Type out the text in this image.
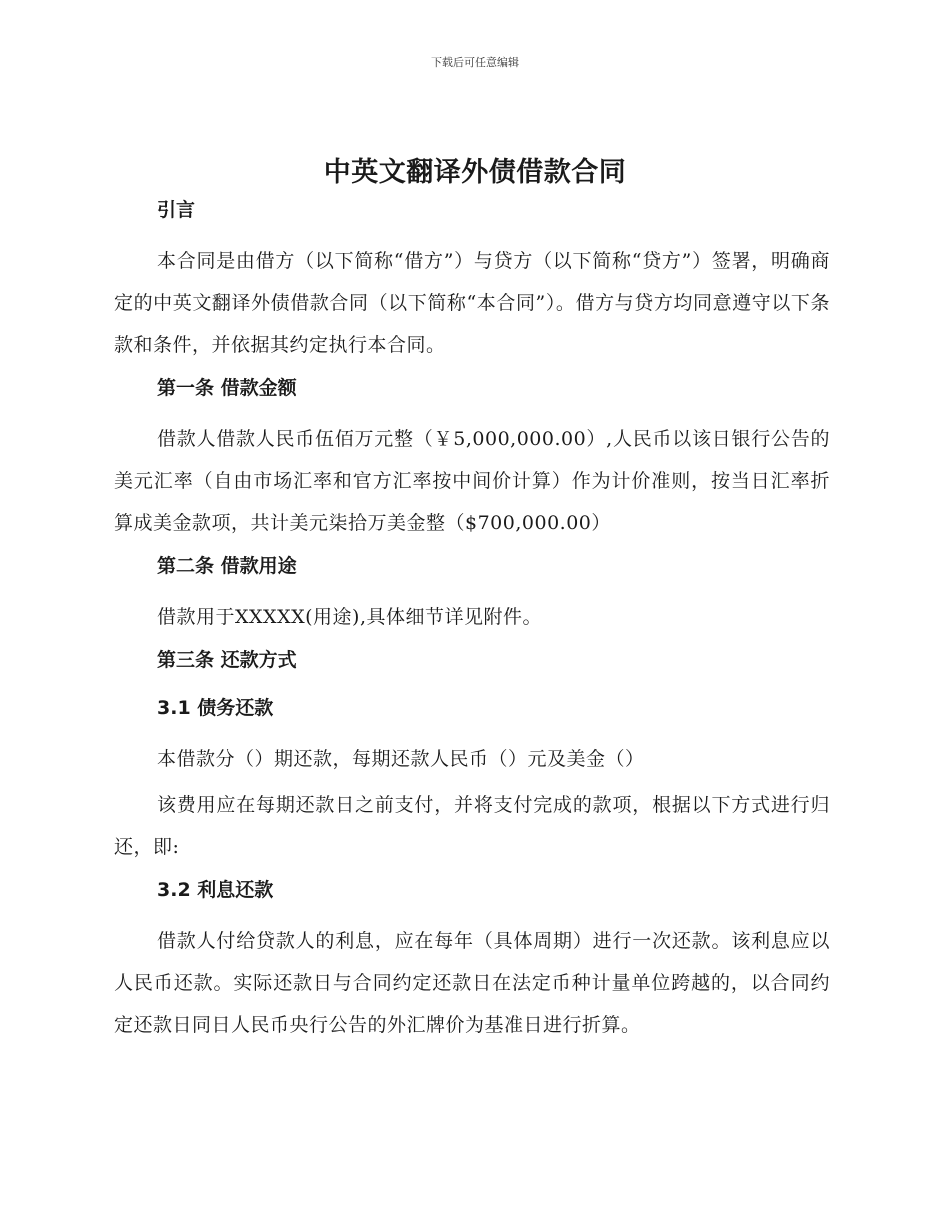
下载后可任意编辑
中英文翻译外债借款合同
引言

本合同是由借方（以下简称“借方”）与贷方（以下简称“贷方”）签署，明确商定的中英文翻译外债借款合同（以下简称“本合同”）。借方与贷方均同意遵守以下条款和条件，并依据其约定执行本合同。

第一条 借款金额

借款人借款人民币伍佰万元整（￥5,000,000.00）,人民币以该日银行公告的美元汇率（自由市场汇率和官方汇率按中间价计算）作为计价准则，按当日汇率折算成美金款项，共计美元柒拾万美金整（$700,000.00）

第二条 借款用途

借款用于XXXXX(用途),具体细节详见附件。

第三条 还款方式
3.1 债务还款

本借款分（）期还款，每期还款人民币（）元及美金（）

该费用应在每期还款日之前支付，并将支付完成的款项，根据以下方式进行归还，即:

3.2 利息还款

借款人付给贷款人的利息，应在每年（具体周期）进行一次还款。该利息应以人民币还款。实际还款日与合同约定还款日在法定币种计量单位跨越的，以合同约定还款日同日人民币央行公告的外汇牌价为基准日进行折算。
